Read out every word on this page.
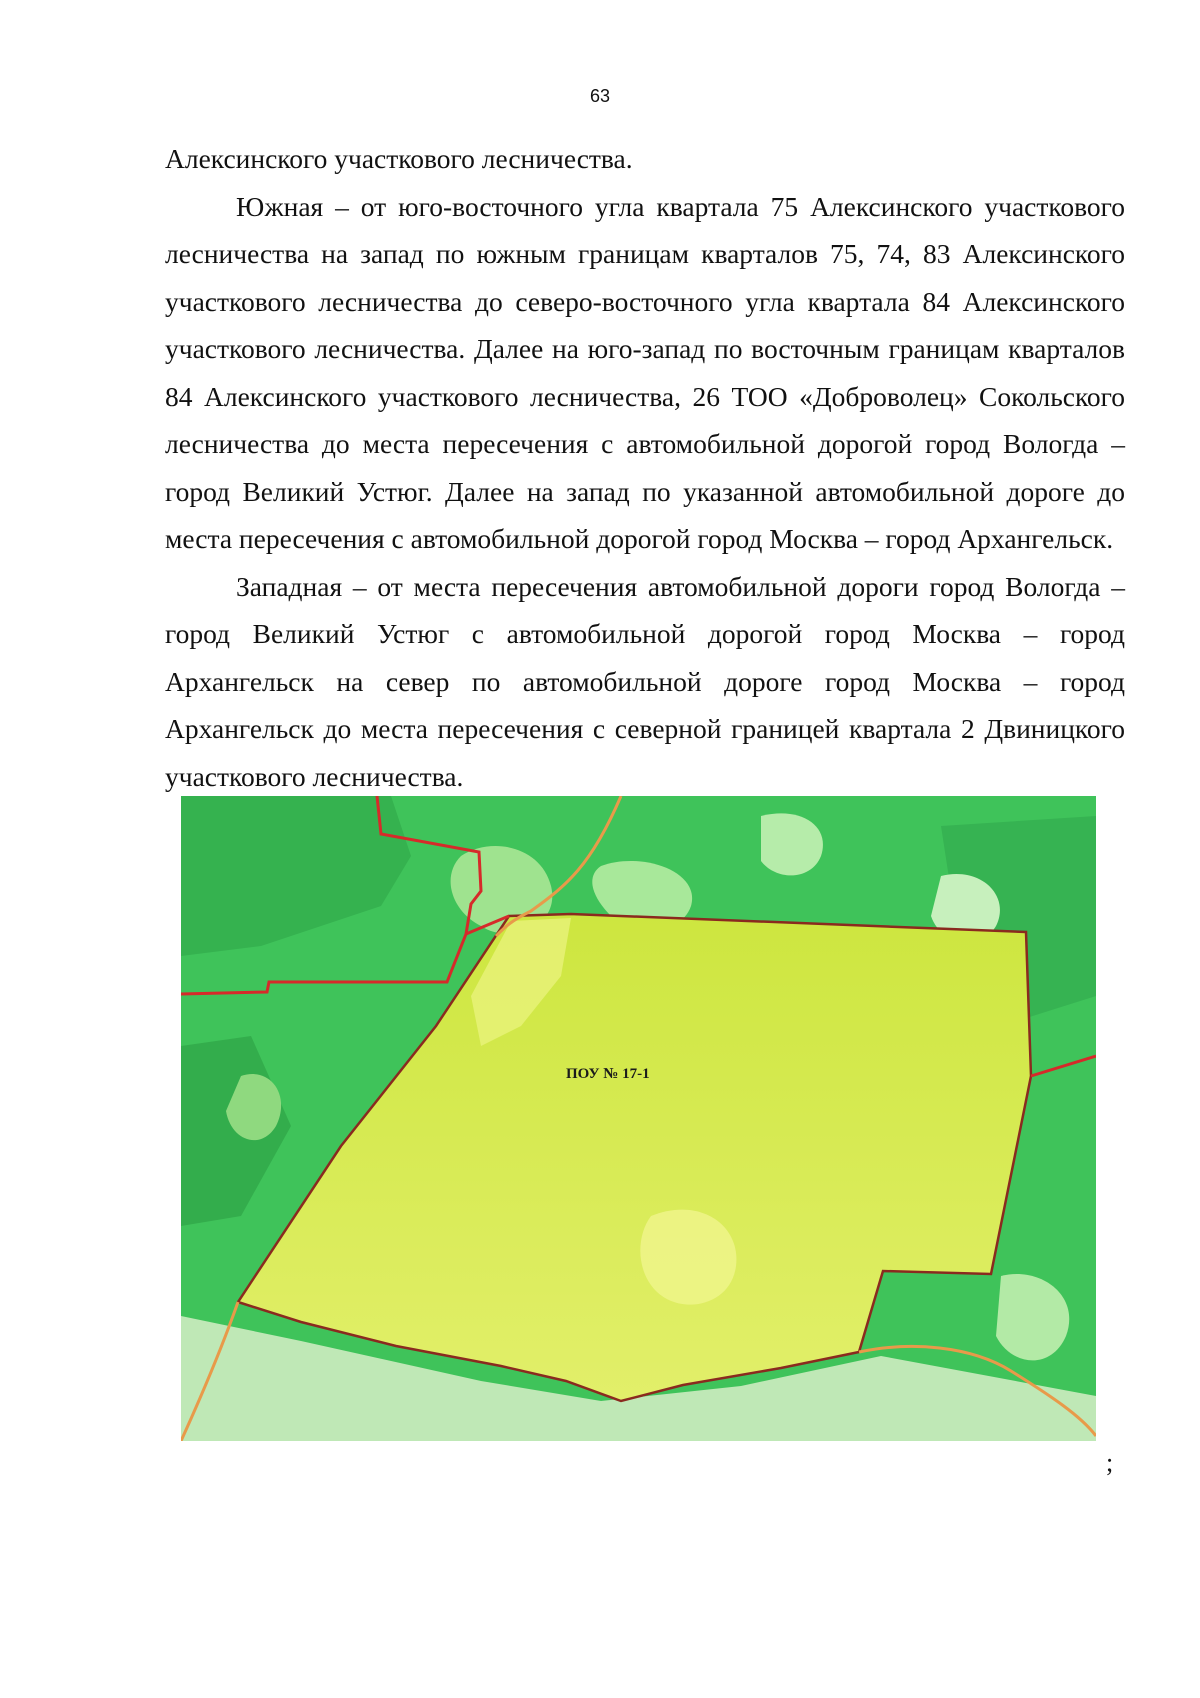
63

Алексинского участкового лесничества.

Южная – от юго-восточного угла квартала 75 Алексинского участкового лесничества на запад по южным границам кварталов 75, 74, 83 Алексинского участкового лесничества до северо-восточного угла квартала 84 Алексинского участкового лесничества. Далее на юго-запад по восточным границам кварталов 84 Алексинского участкового лесничества, 26 ТОО «Доброволец» Сокольского лесничества до места пересечения с автомобильной дорогой город Вологда – город Великий Устюг. Далее на запад по указанной автомобильной дороге до места пересечения с автомобильной дорогой город Москва – город Архангельск.

Западная – от места пересечения автомобильной дороги город Вологда – город Великий Устюг с автомобильной дорогой город Москва – город Архангельск на север по автомобильной дороге город Москва – город Архангельск до места пересечения с северной границей квартала 2 Двиницкого участкового лесничества.

ПОУ № 17-1
;
